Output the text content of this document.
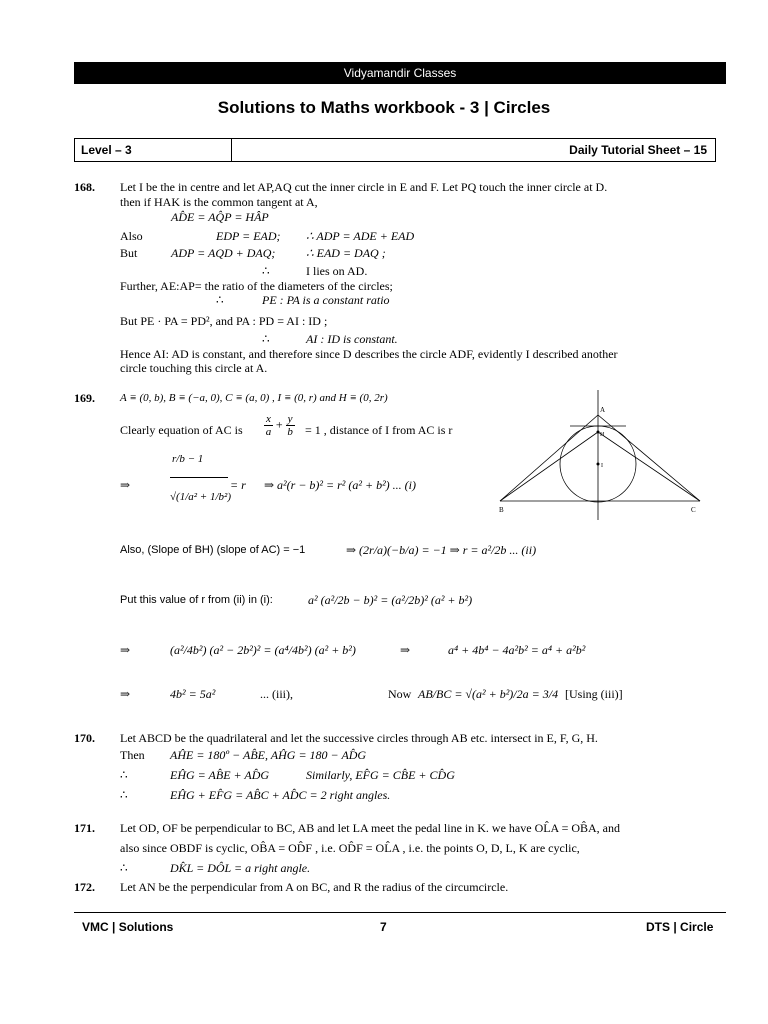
Vidyamandir Classes
Solutions to Maths workbook - 3 | Circles
Level – 3	Daily Tutorial Sheet – 15
168. Let I be the in centre and let AP,AQ cut the inner circle in E and F. Let PQ touch the inner circle at D.
then if HAK is the common tangent at A,
AD̂E = AQ̂P = HÂP
Also	EDP = EAD; ∴ ADP = ADE + EAD
But	ADP = AQD + DAQ;	∴ EAD = DAQ ;
∴	I lies on AD.
Further, AE:AP= the ratio of the diameters of the circles;
∴	PE : PA is a constant ratio
But PE · PA = PD², and PA : PD = AI : ID ;
∴	AI : ID is constant.
Hence AI: AD is constant, and therefore since D describes the circle ADF, evidently I described another
circle touching this circle at A.
169. A ≡ (0, b), B ≡ (−a, 0), C ≡ (a, 0) , I ≡ (0, r) and H ≡ (0, 2r)
Clearly equation of AC is $\frac{x}{a} + \frac{y}{b} = 1$ , distance of I from AC is r
⇒
r/b − 1
√(1/a² + 1/b²)
= r ⇒ a²(r − b)² = r² (a² + b²) ... (i)
A
H
I
B	C
Also, (Slope of BH) (slope of AC) = −1	⇒ (2r/a)(−b/a) = −1 ⇒ r = a²/2b ... (ii)
Put this value of r from (ii) in (i):	a² (a²/2b − b)² = (a²/2b)² (a² + b²)
⇒	(a²/4b²) (a² − 2b²)² = (a⁴/4b²) (a² + b²)	⇒	a⁴ + 4b⁴ − 4a²b² = a⁴ + a²b²
⇒	4b² = 5a²	... (iii),	Now AB/BC = √(a² + b²)/2a = 3/4 [Using (iii)]
170. Let ABCD be the quadrilateral and let the successive circles through AB etc. intersect in E, F, G, H.
Then AĤE = 180º − AB̂E, AĤG = 180 − AD̂G
∴	EĤG = AB̂E + AD̂G	Similarly, EF̂G = CB̂E + CD̂G
∴	EĤG + EF̂G = AB̂C + AD̂C = 2 right angles.
171. Let OD, OF be perpendicular to BC, AB and let LA meet the pedal line in K. we have OL̂A = OB̂A, and
also since OBDF is cyclic, OB̂A = OD̂F , i.e. OD̂F = OL̂A , i.e. the points O, D, L, K are cyclic,
∴	DK̂L = DÔL = a right angle.
172. Let AN be the perpendicular from A on BC, and R the radius of the circumcircle.
VMC | Solutions	7	DTS | Circle
